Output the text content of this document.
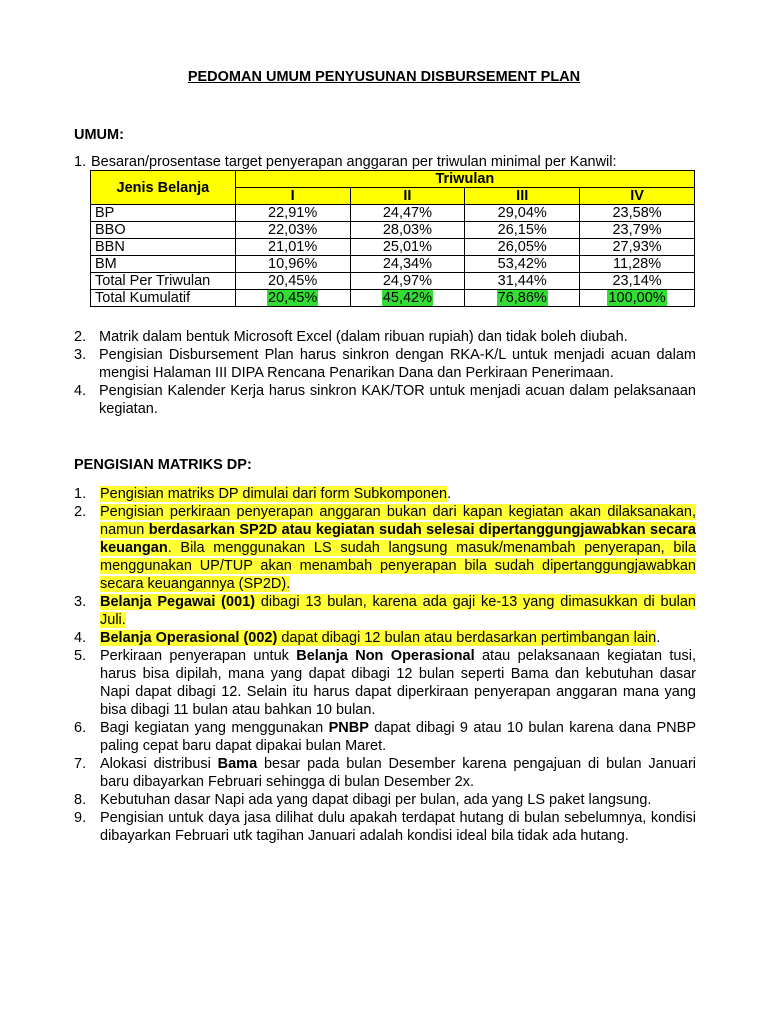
PEDOMAN UMUM PENYUSUNAN DISBURSEMENT PLAN
UMUM:
1. Besaran/prosentase target penyerapan anggaran per triwulan minimal per Kanwil:
Jenis Belanja	Triwulan			
	I	II	III	IV
BP	22,91%	24,47%	29,04%	23,58%
BBO	22,03%	28,03%	26,15%	23,79%
BBN	21,01%	25,01%	26,05%	27,93%
BM	10,96%	24,34%	53,42%	11,28%
Total Per Triwulan	20,45%	24,97%	31,44%	23,14%
Total Kumulatif	20,45%	45,42%	76,86%	100,00%
2. Matrik dalam bentuk Microsoft Excel (dalam ribuan rupiah) dan tidak boleh diubah.
3. Pengisian Disbursement Plan harus sinkron dengan RKA-K/L untuk menjadi acuan dalam mengisi Halaman III DIPA Rencana Penarikan Dana dan Perkiraan Penerimaan.
4. Pengisian Kalender Kerja harus sinkron KAK/TOR untuk menjadi acuan dalam pelaksanaan kegiatan.
PENGISIAN MATRIKS DP:
1. Pengisian matriks DP dimulai dari form Subkomponen.
2. Pengisian perkiraan penyerapan anggaran bukan dari kapan kegiatan akan dilaksanakan, namun berdasarkan SP2D atau kegiatan sudah selesai dipertanggungjawabkan secara keuangan. Bila menggunakan LS sudah langsung masuk/menambah penyerapan, bila menggunakan UP/TUP akan menambah penyerapan bila sudah dipertanggungjawabkan secara keuangannya (SP2D).
3. Belanja Pegawai (001) dibagi 13 bulan, karena ada gaji ke-13 yang dimasukkan di bulan Juli.
4. Belanja Operasional (002) dapat dibagi 12 bulan atau berdasarkan pertimbangan lain.
5. Perkiraan penyerapan untuk Belanja Non Operasional atau pelaksanaan kegiatan tusi, harus bisa dipilah, mana yang dapat dibagi 12 bulan seperti Bama dan kebutuhan dasar Napi dapat dibagi 12. Selain itu harus dapat diperkiraan penyerapan anggaran mana yang bisa dibagi 11 bulan atau bahkan 10 bulan.
6. Bagi kegiatan yang menggunakan PNBP dapat dibagi 9 atau 10 bulan karena dana PNBP paling cepat baru dapat dipakai bulan Maret.
7. Alokasi distribusi Bama besar pada bulan Desember karena pengajuan di bulan Januari baru dibayarkan Februari sehingga di bulan Desember 2x.
8. Kebutuhan dasar Napi ada yang dapat dibagi per bulan, ada yang LS paket langsung.
9. Pengisian untuk daya jasa dilihat dulu apakah terdapat hutang di bulan sebelumnya, kondisi dibayarkan Februari utk tagihan Januari adalah kondisi ideal bila tidak ada hutang.
